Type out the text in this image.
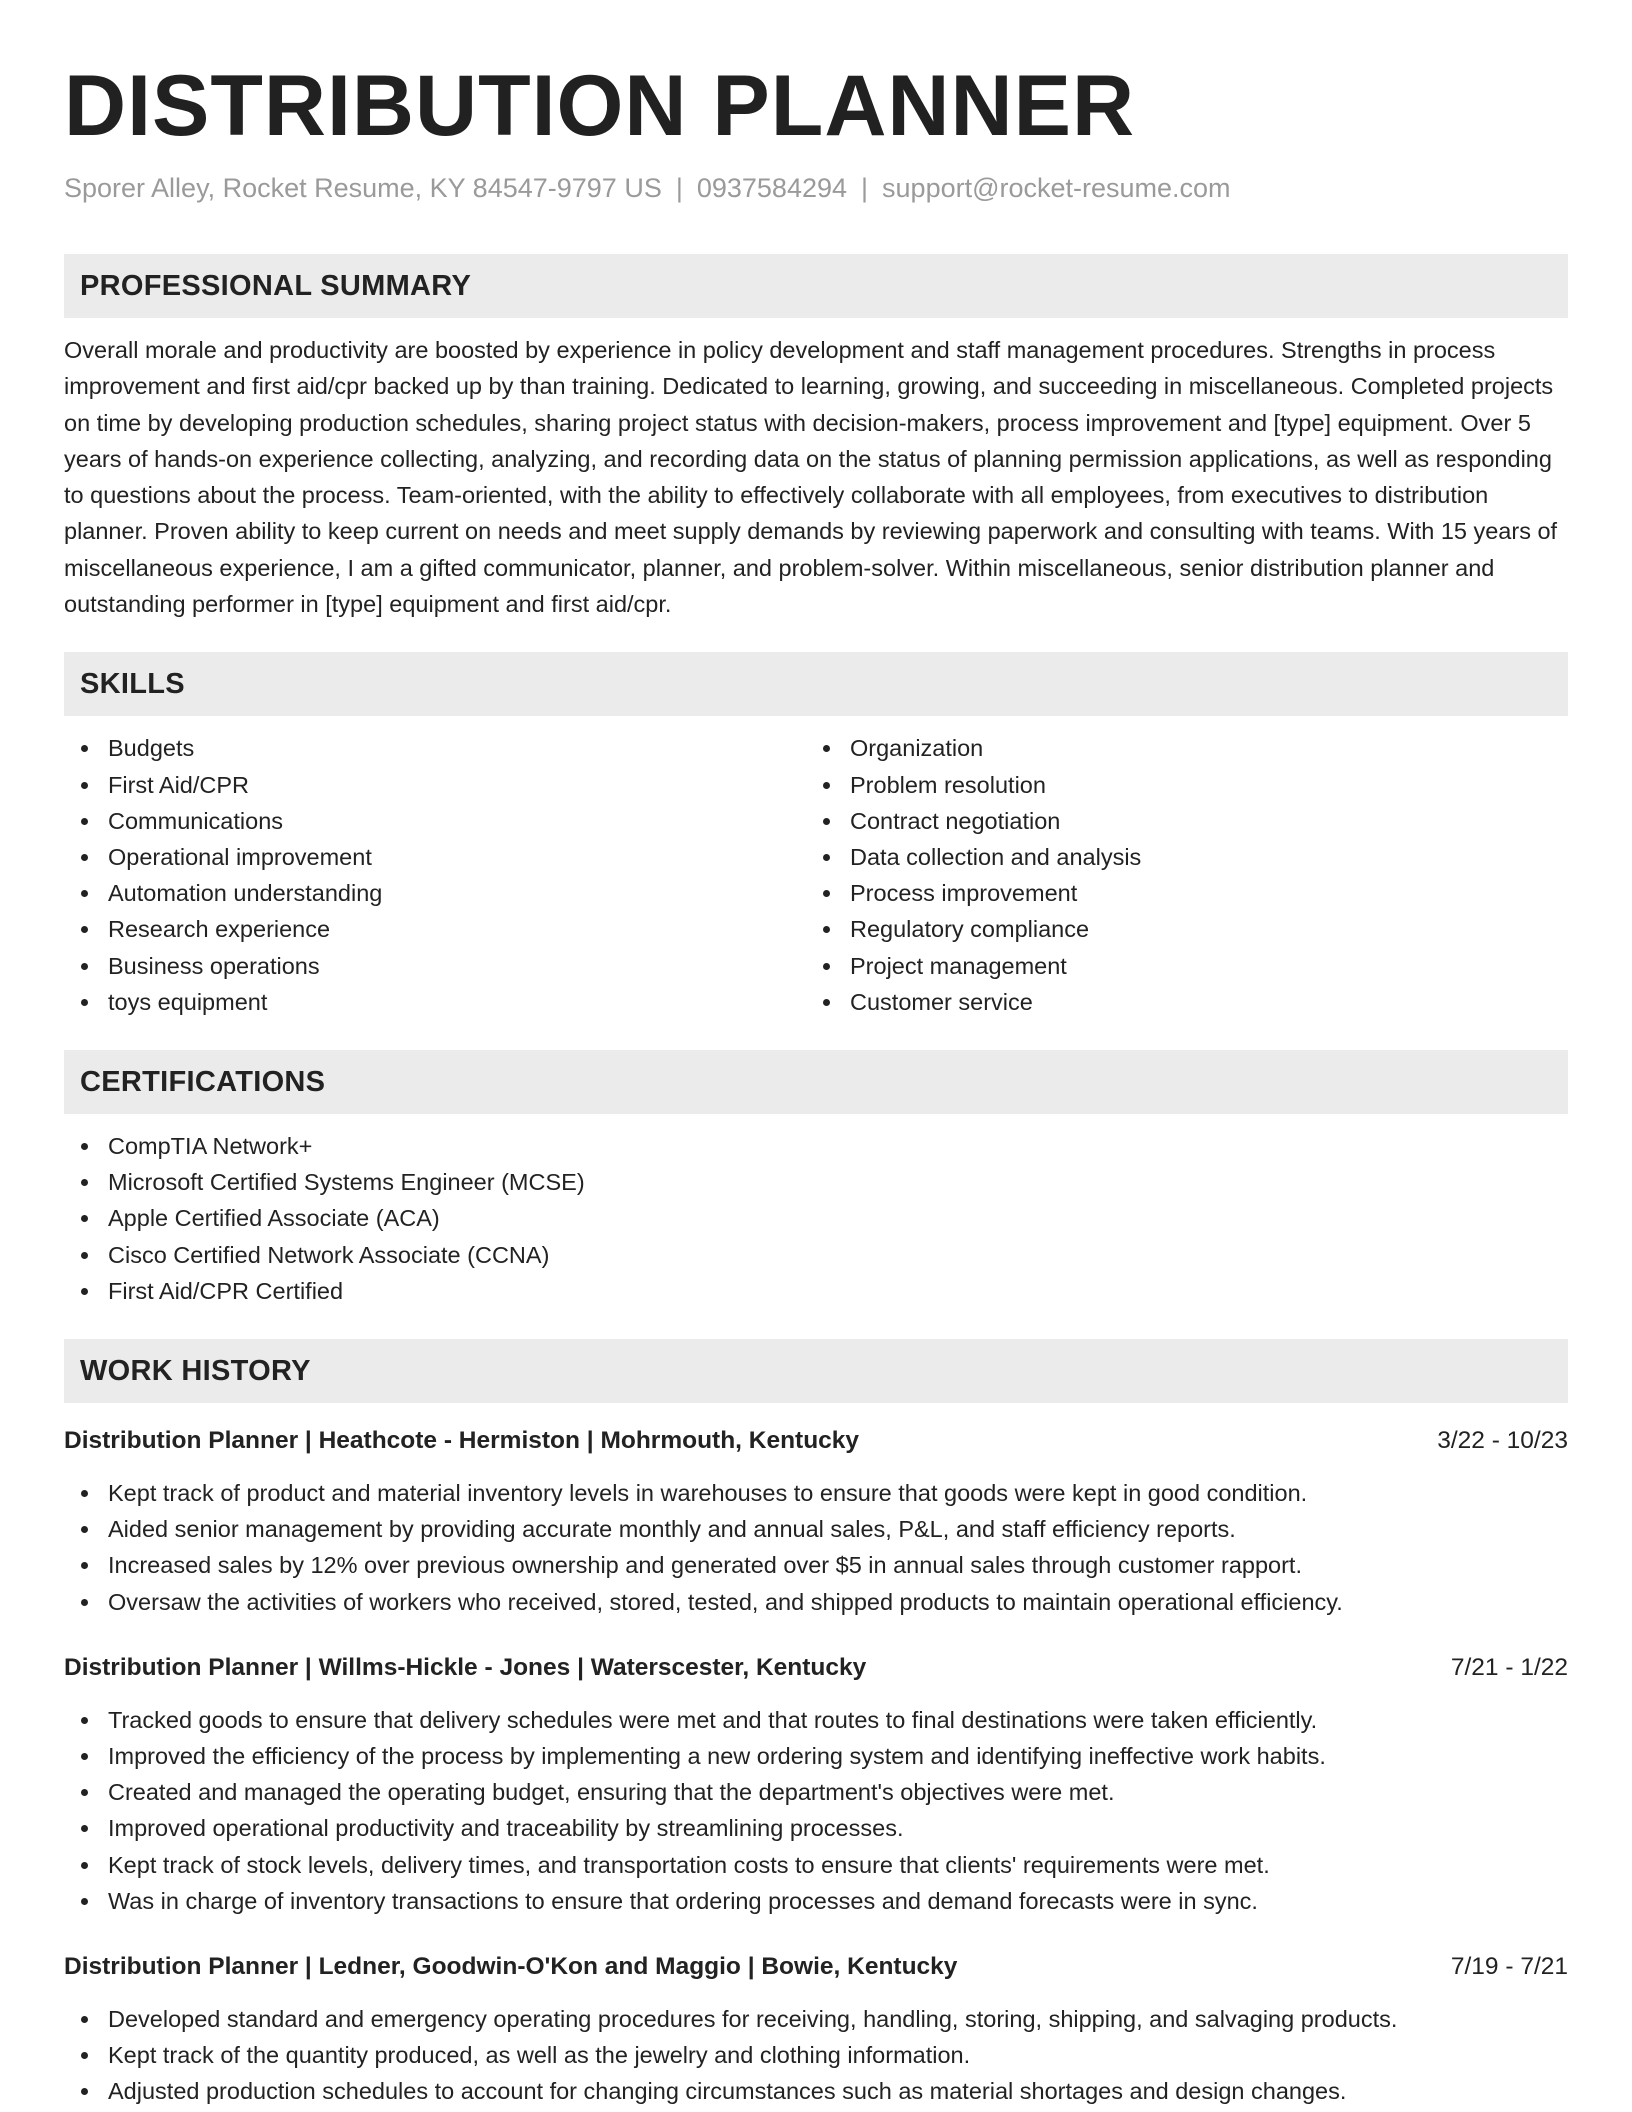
DISTRIBUTION PLANNER
Sporer Alley, Rocket Resume, KY 84547-9797 US | 0937584294 | support@rocket-resume.com
PROFESSIONAL SUMMARY

Overall morale and productivity are boosted by experience in policy development and staff management procedures. Strengths in process improvement and first aid/cpr backed up by than training. Dedicated to learning, growing, and succeeding in miscellaneous. Completed projects on time by developing production schedules, sharing project status with decision-makers, process improvement and [type] equipment. Over 5 years of hands-on experience collecting, analyzing, and recording data on the status of planning permission applications, as well as responding to questions about the process. Team-oriented, with the ability to effectively collaborate with all employees, from executives to distribution planner. Proven ability to keep current on needs and meet supply demands by reviewing paperwork and consulting with teams. With 15 years of miscellaneous experience, I am a gifted communicator, planner, and problem-solver. Within miscellaneous, senior distribution planner and outstanding performer in [type] equipment and first aid/cpr.

SKILLS
Budgets
First Aid/CPR
Communications
Operational improvement
Automation understanding
Research experience
Business operations
toys equipment
Organization
Problem resolution
Contract negotiation
Data collection and analysis
Process improvement
Regulatory compliance
Project management
Customer service
CERTIFICATIONS
CompTIA Network+
Microsoft Certified Systems Engineer (MCSE)
Apple Certified Associate (ACA)
Cisco Certified Network Associate (CCNA)
First Aid/CPR Certified
WORK HISTORY
Distribution Planner | Heathcote - Hermiston | Mohrmouth, Kentucky	3/22 - 10/23
Kept track of product and material inventory levels in warehouses to ensure that goods were kept in good condition.
Aided senior management by providing accurate monthly and annual sales, P&L, and staff efficiency reports.
Increased sales by 12% over previous ownership and generated over $5 in annual sales through customer rapport.
Oversaw the activities of workers who received, stored, tested, and shipped products to maintain operational efficiency.
Distribution Planner | Willms-Hickle - Jones | Waterscester, Kentucky	7/21 - 1/22
Tracked goods to ensure that delivery schedules were met and that routes to final destinations were taken efficiently.
Improved the efficiency of the process by implementing a new ordering system and identifying ineffective work habits.
Created and managed the operating budget, ensuring that the department's objectives were met.
Improved operational productivity and traceability by streamlining processes.
Kept track of stock levels, delivery times, and transportation costs to ensure that clients' requirements were met.
Was in charge of inventory transactions to ensure that ordering processes and demand forecasts were in sync.
Distribution Planner | Ledner, Goodwin-O'Kon and Maggio | Bowie, Kentucky	7/19 - 7/21
Developed standard and emergency operating procedures for receiving, handling, storing, shipping, and salvaging products.
Kept track of the quantity produced, as well as the jewelry and clothing information.
Adjusted production schedules to account for changing circumstances such as material shortages and design changes.
